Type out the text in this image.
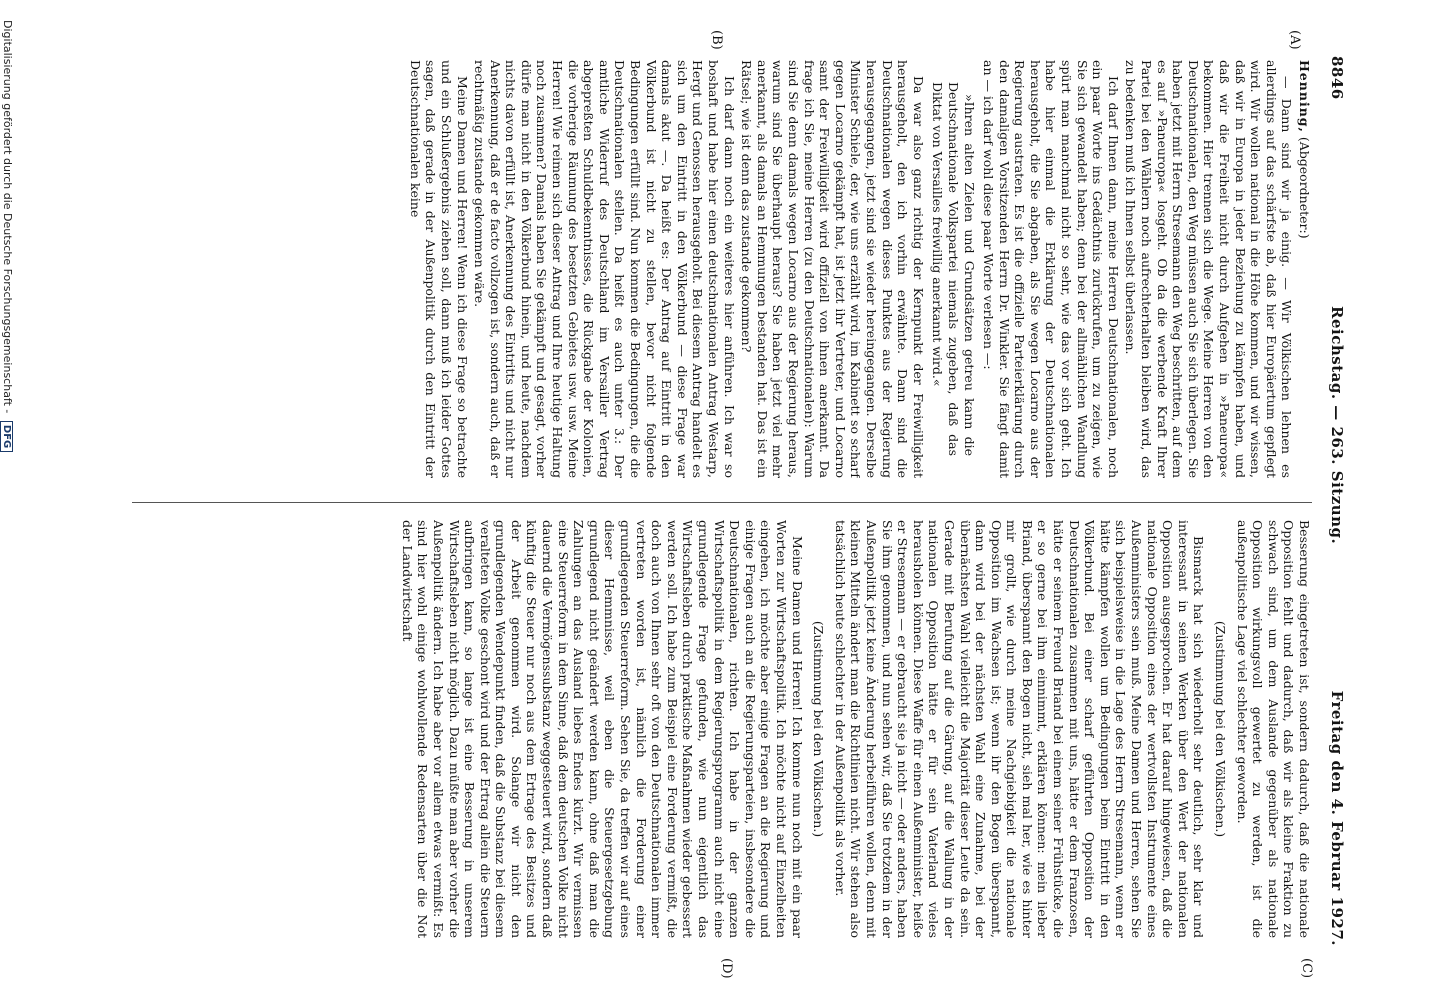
8846
Reichstag. — 263. Sitzung.
Freitag den 4. Februar 1927.
(A)
(B)
(C)
(D)

Henning, (Abgeordneter:)

— Dann sind wir ja einig. — Wir Völkischen lehnen es allerdings auf das schärfste ab, daß hier Europäertum gepflegt wird. Wir wollen national in die Höhe kommen, und wir wissen, daß wir in Europa in jeder Beziehung zu kämpfen haben, und daß wir die Freiheit nicht durch Aufgehen in »Paneuropa« bekommen. Hier trennen sich die Wege. Meine Herren von den Deutschnationalen, den Weg müssen auch Sie sich überlegen. Sie haben jetzt mit Herrn Stresemann den Weg beschritten, auf dem es auf »Paneuropa« losgeht. Ob da die werbende Kraft Ihrer Partei bei den Wählern noch aufrechterhalten bleiben wird, das zu bedenken muß ich Ihnen selbst überlassen.

Ich darf Ihnen dann, meine Herren Deutschnationalen, noch ein paar Worte ins Gedächtnis zurückrufen, um zu zeigen, wie Sie sich gewandelt haben; denn bei der allmählichen Wandlung spürt man manchmal nicht so sehr, wie das vor sich geht. Ich habe hier einmal die Erklärung der Deutschnationalen herausgeholt, die Sie abgaben, als Sie wegen Locarno aus der Regierung austraten. Es ist die offizielle Parteierklärung durch den damaligen Vorsitzenden Herrn Dr. Winkler. Sie fängt damit an — ich darf wohl diese paar Worte verlesen —:

»Ihren alten Zielen und Grundsätzen getreu kann die Deutschnationale Volkspartei niemals zugeben, daß das Diktat von Versailles freiwillig anerkannt wird.«

Da war also ganz richtig der Kernpunkt der Freiwilligkeit herausgeholt, den ich vorhin erwähnte. Dann sind die Deutschnationalen wegen dieses Punktes aus der Regierung herausgegangen, jetzt sind sie wieder hereingegangen. Derselbe Minister Schiele, der, wie uns erzählt wird, im Kabinett so scharf gegen Locarno gekämpft hat, ist jetzt ihr Vertreter, und Locarno samt der Freiwilligkeit wird offiziell von ihnen anerkannt. Da frage ich Sie, meine Herren (zu den Deutschnationalen): Warum sind Sie denn damals wegen Locarno aus der Regierung heraus, warum sind Sie überhaupt heraus? Sie haben jetzt viel mehr anerkannt, als damals an Hemmungen bestanden hat. Das ist ein Rätsel; wie ist denn das zustande gekommen?

Ich darf dann noch ein weiteres hier anführen. Ich war so boshaft und habe hier einen deutschnationalen Antrag Westarp, Hergt und Genossen herausgeholt. Bei diesem Antrag handelt es sich um den Eintritt in den Völkerbund — diese Frage war damals akut —. Da heißt es: Der Antrag auf Eintritt in den Völkerbund ist nicht zu stellen, bevor nicht folgende Bedingungen erfüllt sind. Nun kommen die Bedingungen, die die Deutschnationalen stellen. Da heißt es auch unter 3.: Der amtliche Widerruf des Deutschland im Versailler Vertrag abgepreßten Schuldbekenntnisses, die Rückgabe der Kolonien, die vorherige Räumung des besetzten Gebietes usw. usw. Meine Herren! Wie reimen sich dieser Antrag und Ihre heutige Haltung noch zusammen? Damals haben Sie gekämpft und gesagt, vorher dürfe man nicht in den Völkerbund hinein, und heute, nachdem nichts davon erfüllt ist, Anerkennung des Eintritts und nicht nur Anerkennung, daß er de facto vollzogen ist, sondern auch, daß er rechtmäßig zustande gekommen wäre.

Meine Damen und Herren! Wenn ich diese Frage so betrachte und ein Schlußergebnis ziehen soll, dann muß ich leider Gottes sagen, daß gerade in der Außenpolitik durch den Eintritt der Deutschnationalen keine

Besserung eingetreten ist, sondern dadurch, daß die nationale Opposition fehlt und dadurch, daß wir als kleine Fraktion zu schwach sind, um dem Auslande gegenüber als nationale Opposition wirkungsvoll gewertet zu werden, ist die außenpolitische Lage viel schlechter geworden.

(Zustimmung bei den Völkischen.)

Bismarck hat sich wiederholt sehr deutlich, sehr klar und interessant in seinen Werken über den Wert der nationalen Opposition ausgesprochen. Er hat darauf hingewiesen, daß die nationale Opposition eines der wertvollsten Instrumente eines Außenministers sein muß. Meine Damen und Herren, sehen Sie sich beispielsweise in die Lage des Herrn Stresemann, wenn er hätte kämpfen wollen um Bedingungen beim Eintritt in den Völkerbund. Bei einer scharf geführten Opposition der Deutschnationalen zusammen mit uns, hätte er dem Franzosen, hätte er seinem Freund Briand bei einem seiner Frühstücke, die er so gerne bei ihm einnimmt, erklären können: mein lieber Briand, überspannt den Bogen nicht, sieh mal her, wie es hinter mir grollt, wie durch meine Nachgiebigkeit die nationale Opposition im Wachsen ist; wenn ihr den Bogen überspannt, dann wird bei der nächsten Wahl eine Zunahme, bei der übernächsten Wahl vielleicht die Majorität dieser Leute da sein. Gerade mit Berufung auf die Gärung, auf die Wallung in der nationalen Opposition hätte er für sein Vaterland vieles herausholen können. Diese Waffe für einen Außenminister, heiße er Stresemann — er gebraucht sie ja nicht — oder anders, haben Sie ihm genommen, und nun sehen wir, daß Sie trotzdem in der Außenpolitik jetzt keine Änderung herbeiführen wollen, denn mit kleinen Mitteln ändert man die Richtlinien nicht. Wir stehen also tatsächlich heute schlechter in der Außenpolitik als vorher.

(Zustimmung bei den Völkischen.)

Meine Damen und Herren! Ich komme nun noch mit ein paar Worten zur Wirtschaftspolitik. Ich möchte nicht auf Einzelheiten eingehen, ich möchte aber einige Fragen an die Regierung und einige Fragen auch an die Regierungsparteien, insbesondere die Deutschnationalen, richten. Ich habe in der ganzen Wirtschaftspolitik in dem Regierungsprogramm auch nicht eine grundlegende Frage gefunden, wie nun eigentlich das Wirtschaftsleben durch praktische Maßnahmen wieder gebessert werden soll. Ich habe zum Beispiel eine Forderung vermißt, die doch auch von Ihnen sehr oft von den Deutschnationalen immer vertreten worden ist, nämlich die Forderung einer grundlegenden Steuerreform. Sehen Sie, da treffen wir auf eines dieser Hemmnisse, weil eben die Steuergesetzgebung grundlegend nicht geändert werden kann, ohne daß man die Zahlungen an das Ausland liebes Endes kürzt. Wir vermissen eine Steuerreform in dem Sinne, daß dem deutschen Volke nicht dauernd die Vermögenssubstanz weggesteuert wird, sondern daß künftig die Steuer nur noch aus dem Ertrage des Besitzes und der Arbeit genommen wird. Solange wir nicht den grundlegenden Wendepunkt finden, daß die Substanz bei diesem veralteten Volke geschont wird und der Ertrag allein die Steuern aufbringen kann, so lange ist eine Besserung in unserem Wirtschaftsleben nicht möglich. Dazu müßte man aber vorher die Außenpolitik ändern. Ich habe aber vor allem etwas vermißt: Es sind hier wohl einige wohlwollende Redensarten über die Not der Landwirtschaft

Digitalisierung gefördert durch die Deutsche Forschungsgemeinschaft - DFG
